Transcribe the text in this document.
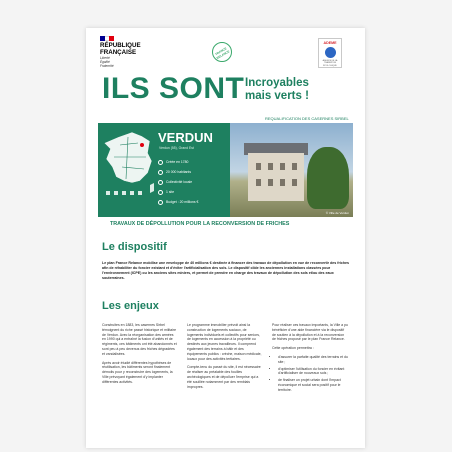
RÉPUBLIQUE
FRANÇAISE
Liberté
Égalité
Fraternité
FRANCE RELANCE
ADEME
AGENCE DE LA TRANSITION ÉCOLOGIQUE
ILS SONT Incroyables
mais verts !
REQUALIFICATION DES CASERNES SIRBEL
VERDUN
Verdun (55), Grand Est
Créée en 1780
20 000 habitants
Collectivité locale
1 site
Budget : 20 millions €
© Ville de Verdun
TRAVAUX DE DÉPOLLUTION POUR LA RECONVERSION DE FRICHES
Le dispositif
Le plan France Relance mobilise une enveloppe de 40 millions € destinée à financer des travaux de dépollution en vue de reconvertir des friches afin de réhabiliter du foncier existant et d'éviter l'artificialisation des sols. Le dispositif cible les anciennes installations classées pour l'environnement (ICPE) ou les anciens sites miniers, et permet de prendre en charge des travaux de dépollution des sols et/ou des eaux souterraines.
Les enjeux

Construites en 1883, les casernes Sirbel témoignent du riche passé historique et militaire de Verdun. Avec la réorganisation des armées en 1990 qui a entraîné la fusion d'unités et de régiments, ces bâtiments ont été abandonnés et sont peu à peu devenus des friches dégradées et vandalisées.

Après avoir étudié différentes hypothèses de réutilisation, les bâtiments seront finalement démolis pour y reconstruire des logements, la Ville prévoyant également d'y implanter différentes activités.

Le programme immobilier prévoit ainsi la construction de logements sociaux, de logements individuels et collectifs pour seniors, de logements en accession à la propriété ou destinés aux jeunes travailleurs. Il comprend également des terrains à bâtir et des équipements publics : crèche, maison médicale, locaux pour des activités tertiaires.

Compte-tenu du passé du site, il est nécessaire de réaliser au préalable des fouilles archéologiques et de dépolluer l'emprise qui a été souillée notamment par des remblais impropres.

Pour réaliser ces travaux importants, la Ville a pu bénéficier d'une aide financière via le dispositif de soutien à la dépollution et à la reconversion de friches proposé par le plan France Relance.

Cette opération permettra :

• d'assurer la parfaite qualité des terrains et du site ;
• d'optimiser l'utilisation du foncier en évitant d'artificialiser de nouveaux sols ;
• de finaliser un projet urbain dont l'impact économique et social sera positif pour le territoire.
